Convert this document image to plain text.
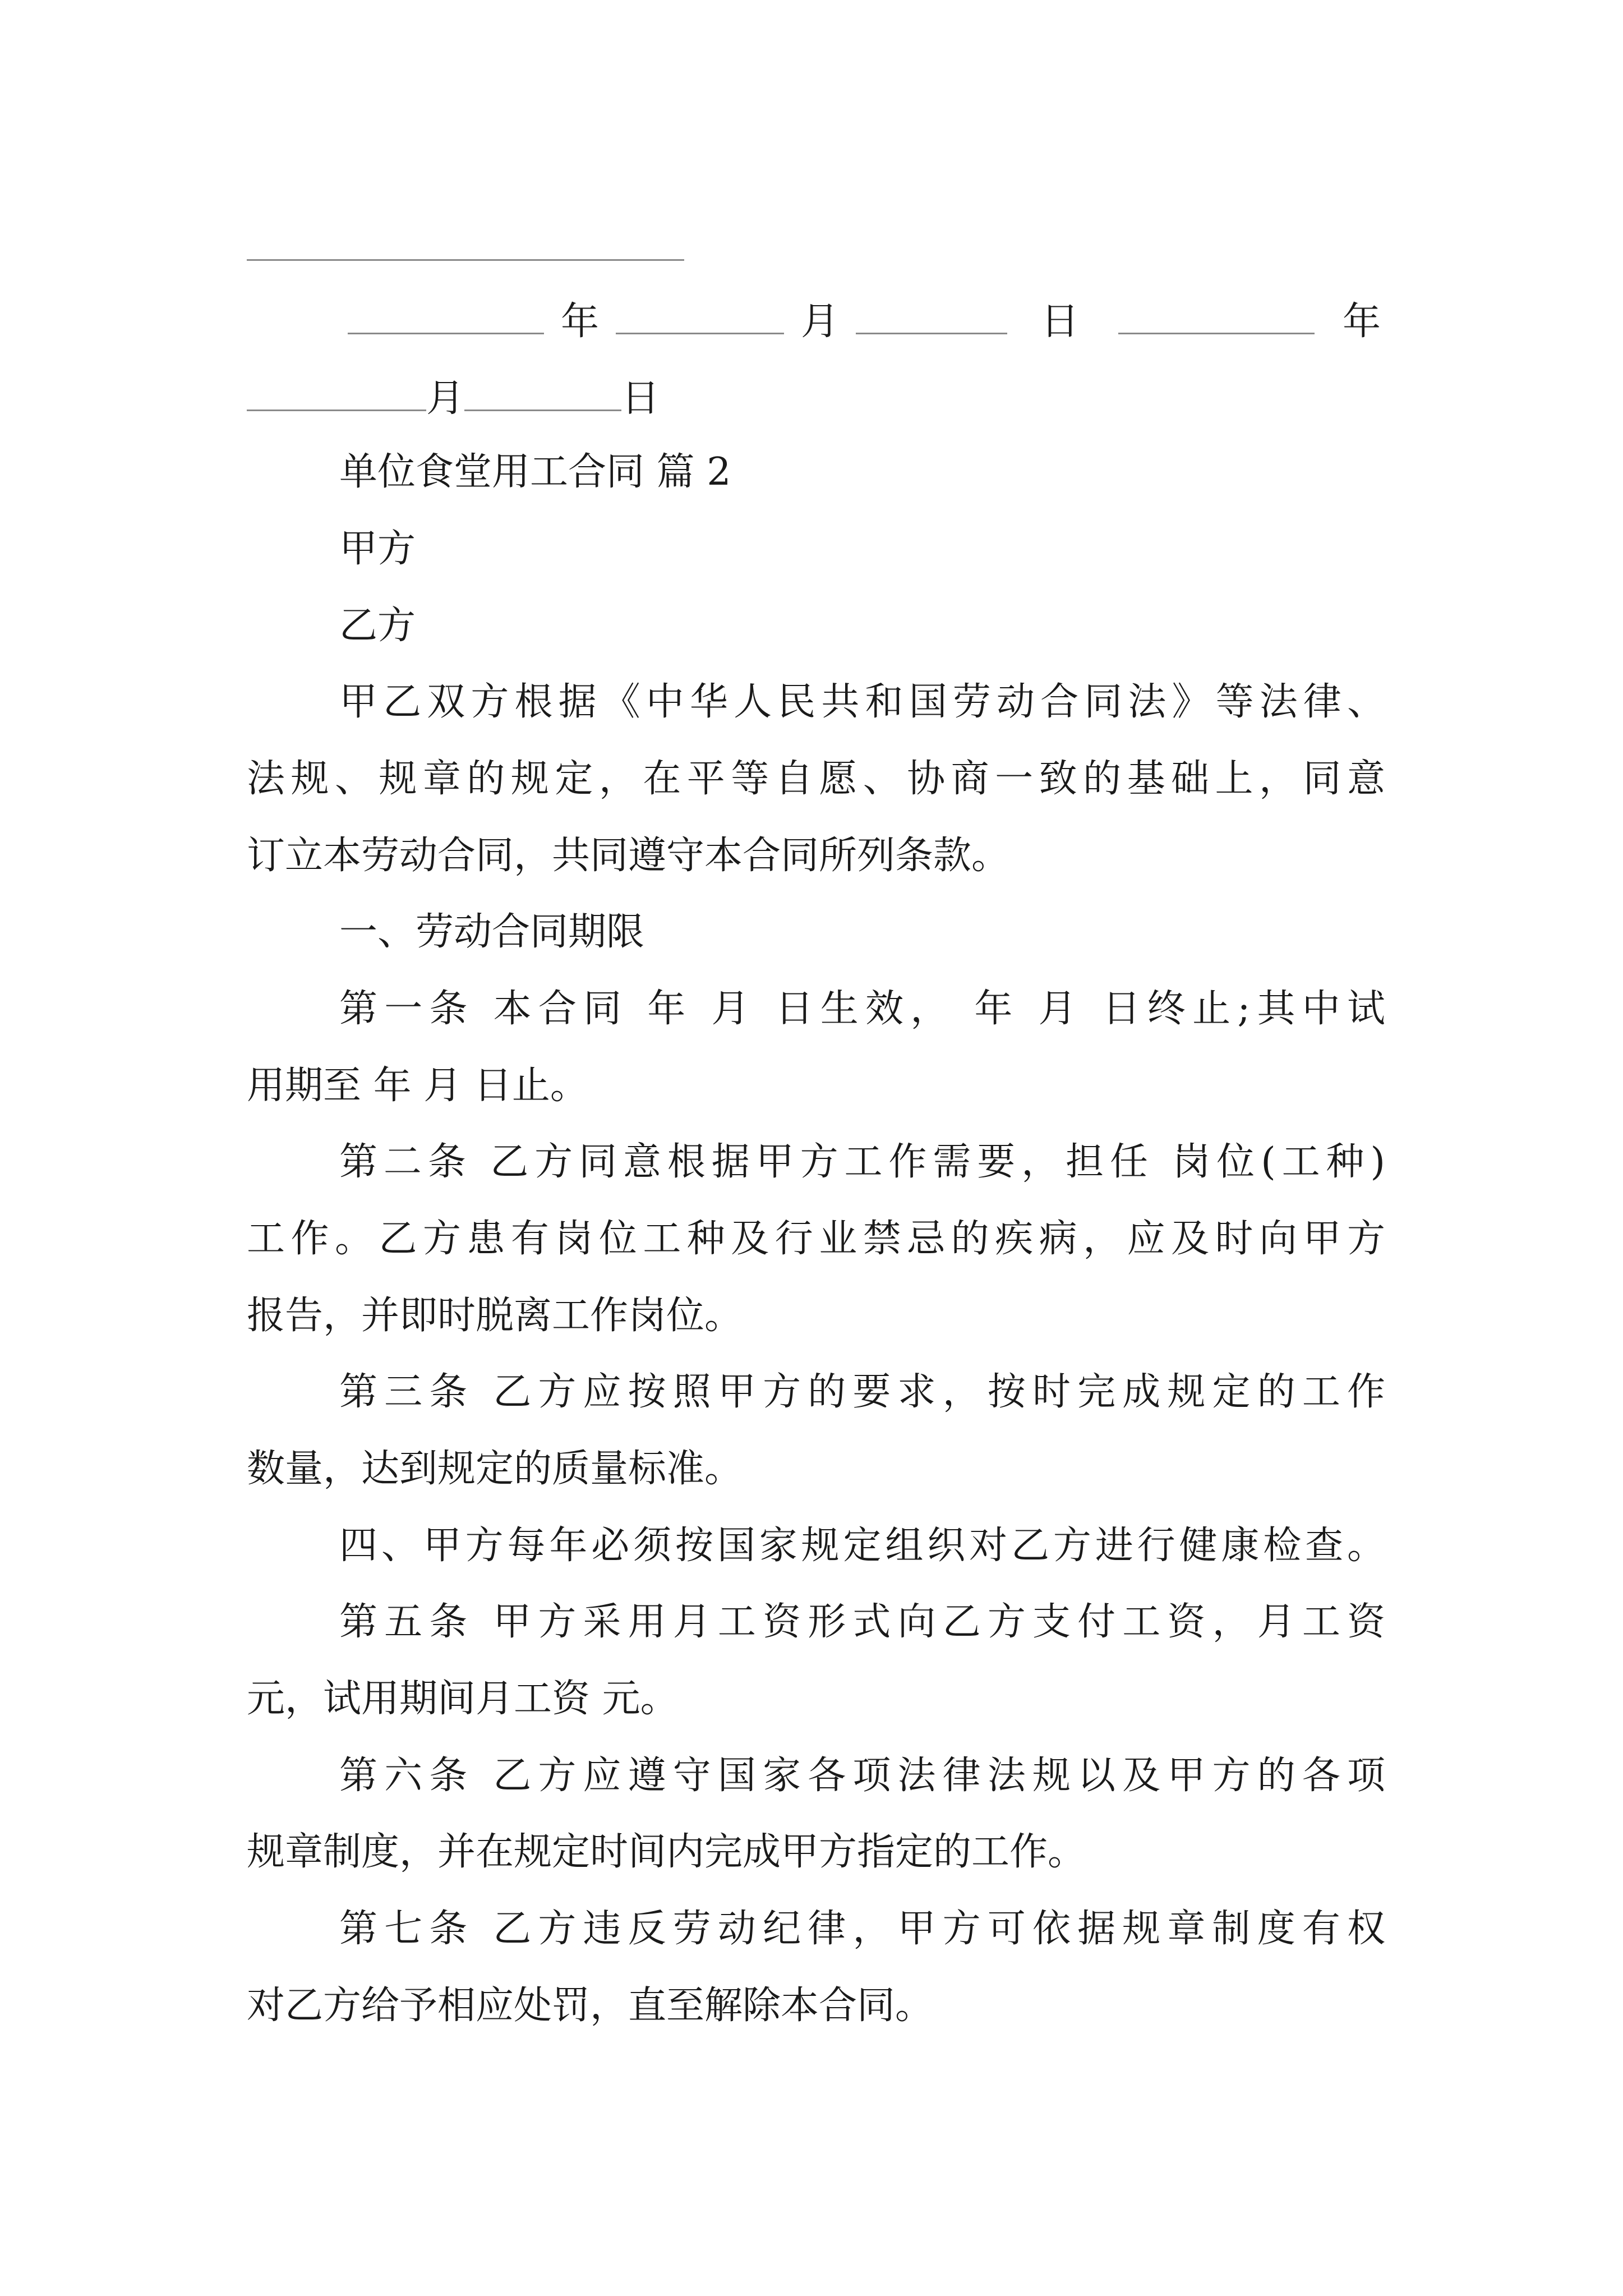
年	月	日	年
月	日
单位食堂用工合同 篇 2
甲方
乙方
甲乙双方根据《中华人民共和国劳动合同法》等法律、
法规、规章的规定，在平等自愿、协商一致的基础上，同意
订立本劳动合同，共同遵守本合同所列条款。
一、劳动合同期限
第一条 本合同 年 月 日生效， 年 月 日终止;其中试
用期至 年 月 日止。
第二条 乙方同意根据甲方工作需要，担任 岗位(工种)
工作。乙方患有岗位工种及行业禁忌的疾病，应及时向甲方
报告，并即时脱离工作岗位。
第三条 乙方应按照甲方的要求，按时完成规定的工作
数量，达到规定的质量标准。
四、甲方每年必须按国家规定组织对乙方进行健康检查。
第五条 甲方采用月工资形式向乙方支付工资，月工资
元，试用期间月工资 元。
第六条 乙方应遵守国家各项法律法规以及甲方的各项
规章制度，并在规定时间内完成甲方指定的工作。
第七条 乙方违反劳动纪律，甲方可依据规章制度有权
对乙方给予相应处罚，直至解除本合同。
